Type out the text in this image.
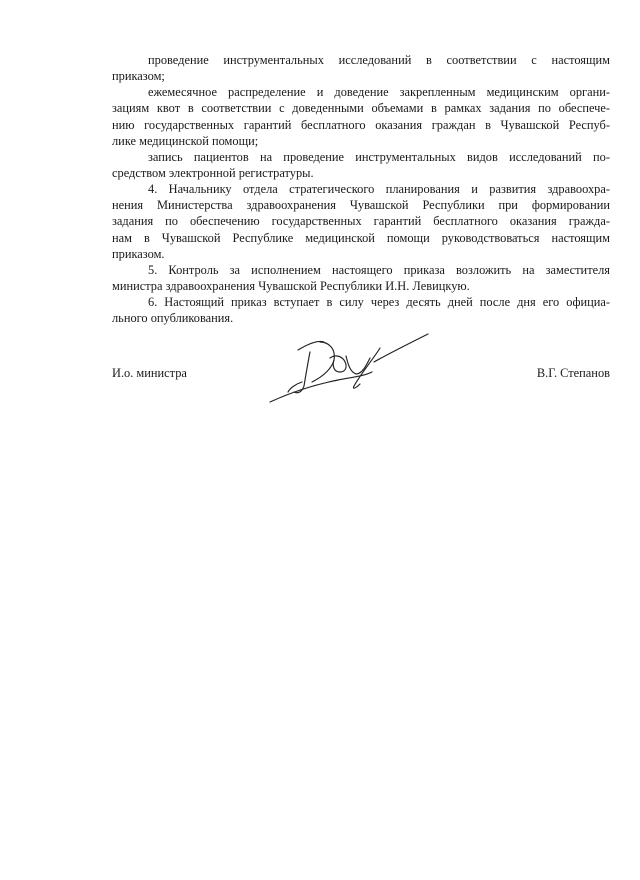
проведение инструментальных исследований в соответствии с настоящим
приказом;
ежемесячное распределение и доведение закрепленным медицинским органи-
зациям квот в соответствии с доведенными объемами в рамках задания по обеспече-
нию государственных гарантий бесплатного оказания граждан в Чувашской Респуб-
лике медицинской помощи;
запись пациентов на проведение инструментальных видов исследований по-
средством электронной регистратуры.
4. Начальнику отдела стратегического планирования и развития здравоохра-
нения Министерства здравоохранения Чувашской Республики при формировании
задания по обеспечению государственных гарантий бесплатного оказания гражда-
нам в Чувашской Республике медицинской помощи руководствоваться настоящим
приказом.
5. Контроль за исполнением настоящего приказа возложить на заместителя
министра здравоохранения Чувашской Республики И.Н. Левицкую.
6. Настоящий приказ вступает в силу через десять дней после дня его официа-
льного опубликования.
И.о. министра	В.Г. Степанов
